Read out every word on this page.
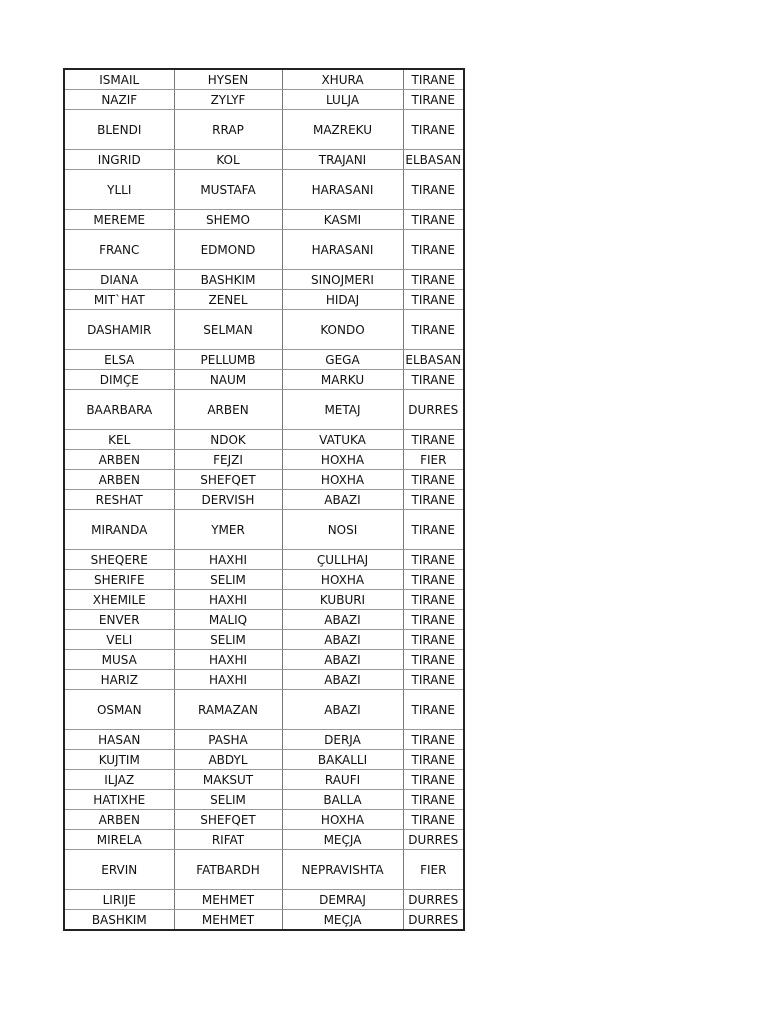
ISMAIL	HYSEN	XHURA	TIRANE
NAZIF	ZYLYF	LULJA	TIRANE
BLENDI	RRAP	MAZREKU	TIRANE
INGRID	KOL	TRAJANI	ELBASAN
YLLI	MUSTAFA	HARASANI	TIRANE
MEREME	SHEMO	KASMI	TIRANE
FRANC	EDMOND	HARASANI	TIRANE
DIANA	BASHKIM	SINOJMERI	TIRANE
MIT`HAT	ZENEL	HIDAJ	TIRANE
DASHAMIR	SELMAN	KONDO	TIRANE
ELSA	PELLUMB	GEGA	ELBASAN
DIMÇE	NAUM	MARKU	TIRANE
BAARBARA	ARBEN	METAJ	DURRES
KEL	NDOK	VATUKA	TIRANE
ARBEN	FEJZI	HOXHA	FIER
ARBEN	SHEFQET	HOXHA	TIRANE
RESHAT	DERVISH	ABAZI	TIRANE
MIRANDA	YMER	NOSI	TIRANE
SHEQERE	HAXHI	ÇULLHAJ	TIRANE
SHERIFE	SELIM	HOXHA	TIRANE
XHEMILE	HAXHI	KUBURI	TIRANE
ENVER	MALIQ	ABAZI	TIRANE
VELI	SELIM	ABAZI	TIRANE
MUSA	HAXHI	ABAZI	TIRANE
HARIZ	HAXHI	ABAZI	TIRANE
OSMAN	RAMAZAN	ABAZI	TIRANE
HASAN	PASHA	DERJA	TIRANE
KUJTIM	ABDYL	BAKALLI	TIRANE
ILJAZ	MAKSUT	RAUFI	TIRANE
HATIXHE	SELIM	BALLA	TIRANE
ARBEN	SHEFQET	HOXHA	TIRANE
MIRELA	RIFAT	MEÇJA	DURRES
ERVIN	FATBARDH	NEPRAVISHTA	FIER
LIRIJE	MEHMET	DEMRAJ	DURRES
BASHKIM	MEHMET	MEÇJA	DURRES
